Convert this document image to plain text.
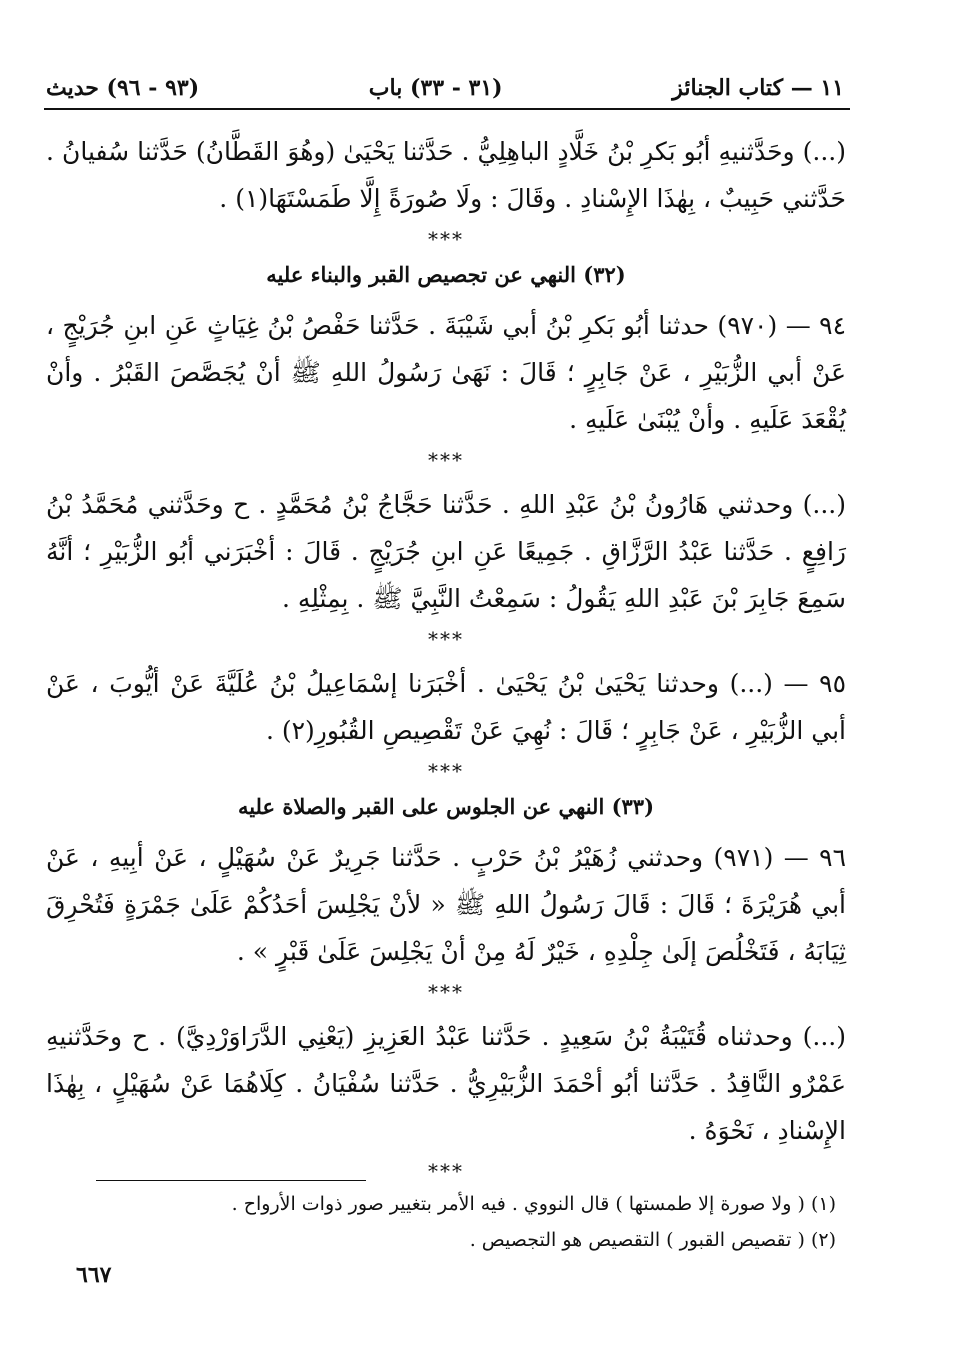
١١ — كتاب الجنائز
(٣١ - ٣٣) باب
(٩٣ - ٩٦) حديث

(...) وحَدَّثنيهِ أبُو بَكرِ بْنُ خَلَّادٍ الباهِلِيُّ . حَدَّثنا يَحْيَىٰ (وهُوَ القَطَّانُ) حَدَّثنا سُفيانُ . حَدَّثني حَبِيبٌ ، بِهٰذَا الإِسْنادِ . وقَالَ : ولَا صُورَةً إِلَّا طَمَسْتَهَا(١) .

***
(٣٢) النهي عن تجصيص القبر والبناء عليه

٩٤ — (٩٧٠) حدثنا أبُو بَكرِ بْنُ أبي شَيْبَةَ . حَدَّثنا حَفْصُ بْنُ غِيَاثٍ عَنِ ابنِ جُرَيْجٍ ، عَنْ أبي الزُّبَيْرِ ، عَنْ جَابِرٍ ؛ قَالَ : نَهَىٰ رَسُولُ اللهِ ﷺ أنْ يُجَصَّصَ القَبْرُ . وأنْ يُقْعَدَ عَلَيهِ . وأنْ يُبْنَىٰ عَلَيهِ .

***

(...) وحدثني هَارُونُ بْنُ عَبْدِ اللهِ . حَدَّثنا حَجَّاجُ بْنُ مُحَمَّدٍ . ح وحَدَّثني مُحَمَّدُ بْنُ رَافِعٍ . حَدَّثنا عَبْدُ الرَّزَّاقِ . جَمِيعًا عَنِ ابنِ جُرَيْجٍ . قَالَ : أخْبَرَني أبُو الزُّبَيْرِ ؛ أنَّهُ سَمِعَ جَابِرَ بْنَ عَبْدِ اللهِ يَقُولُ : سَمِعْتُ النَّبِيَّ ﷺ . بِمِثْلِهِ .

***

٩٥ — (...) وحدثنا يَحْيَىٰ بْنُ يَحْيَىٰ . أخْبَرَنا إسْمَاعِيلُ بْنُ عُلَيَّةَ عَنْ أيُّوبَ ، عَنْ أبي الزُّبَيْرِ ، عَنْ جَابِرٍ ؛ قَالَ : نُهِيَ عَنْ تَقْصِيصِ القُبُورِ(٢) .

***
(٣٣) النهي عن الجلوس على القبر والصلاة عليه

٩٦ — (٩٧١) وحدثني زُهَيْرُ بْنُ حَرْبٍ . حَدَّثنا جَرِيرٌ عَنْ سُهَيْلٍ ، عَنْ أبِيهِ ، عَنْ أبي هُرَيْرَةَ ؛ قَالَ : قَالَ رَسُولُ اللهِ ﷺ « لأنْ يَجْلِسَ أحَدُكُمْ عَلَىٰ جَمْرَةٍ فَتُحْرِقَ ثِيَابَهُ ، فَتَخْلُصَ إلَىٰ جِلْدِهِ ، خَيْرٌ لَهُ مِنْ أنْ يَجْلِسَ عَلَىٰ قَبْرٍ » .

***

(...) وحدثناه قُتَيْبَةُ بْنُ سَعِيدٍ . حَدَّثنا عَبْدُ العَزِيزِ (يَعْنِي الدَّرَاوَرْدِيَّ) . ح وحَدَّثنيهِ عَمْرٌو النَّاقِدُ . حَدَّثنا أبُو أحْمَدَ الزُّبَيْرِيُّ . حَدَّثنا سُفْيَانُ . كِلَاهُمَا عَنْ سُهَيْلٍ ، بِهٰذَا الإِسْنادِ ، نَحْوَهُ .

***
(١) ( ولا صورة إلا طمستها ) قال النووي . فيه الأمر بتغيير صور ذوات الأرواح .
(٢) ( تقصيص القبور ) التقصيص هو التجصيص .
٦٦٧
